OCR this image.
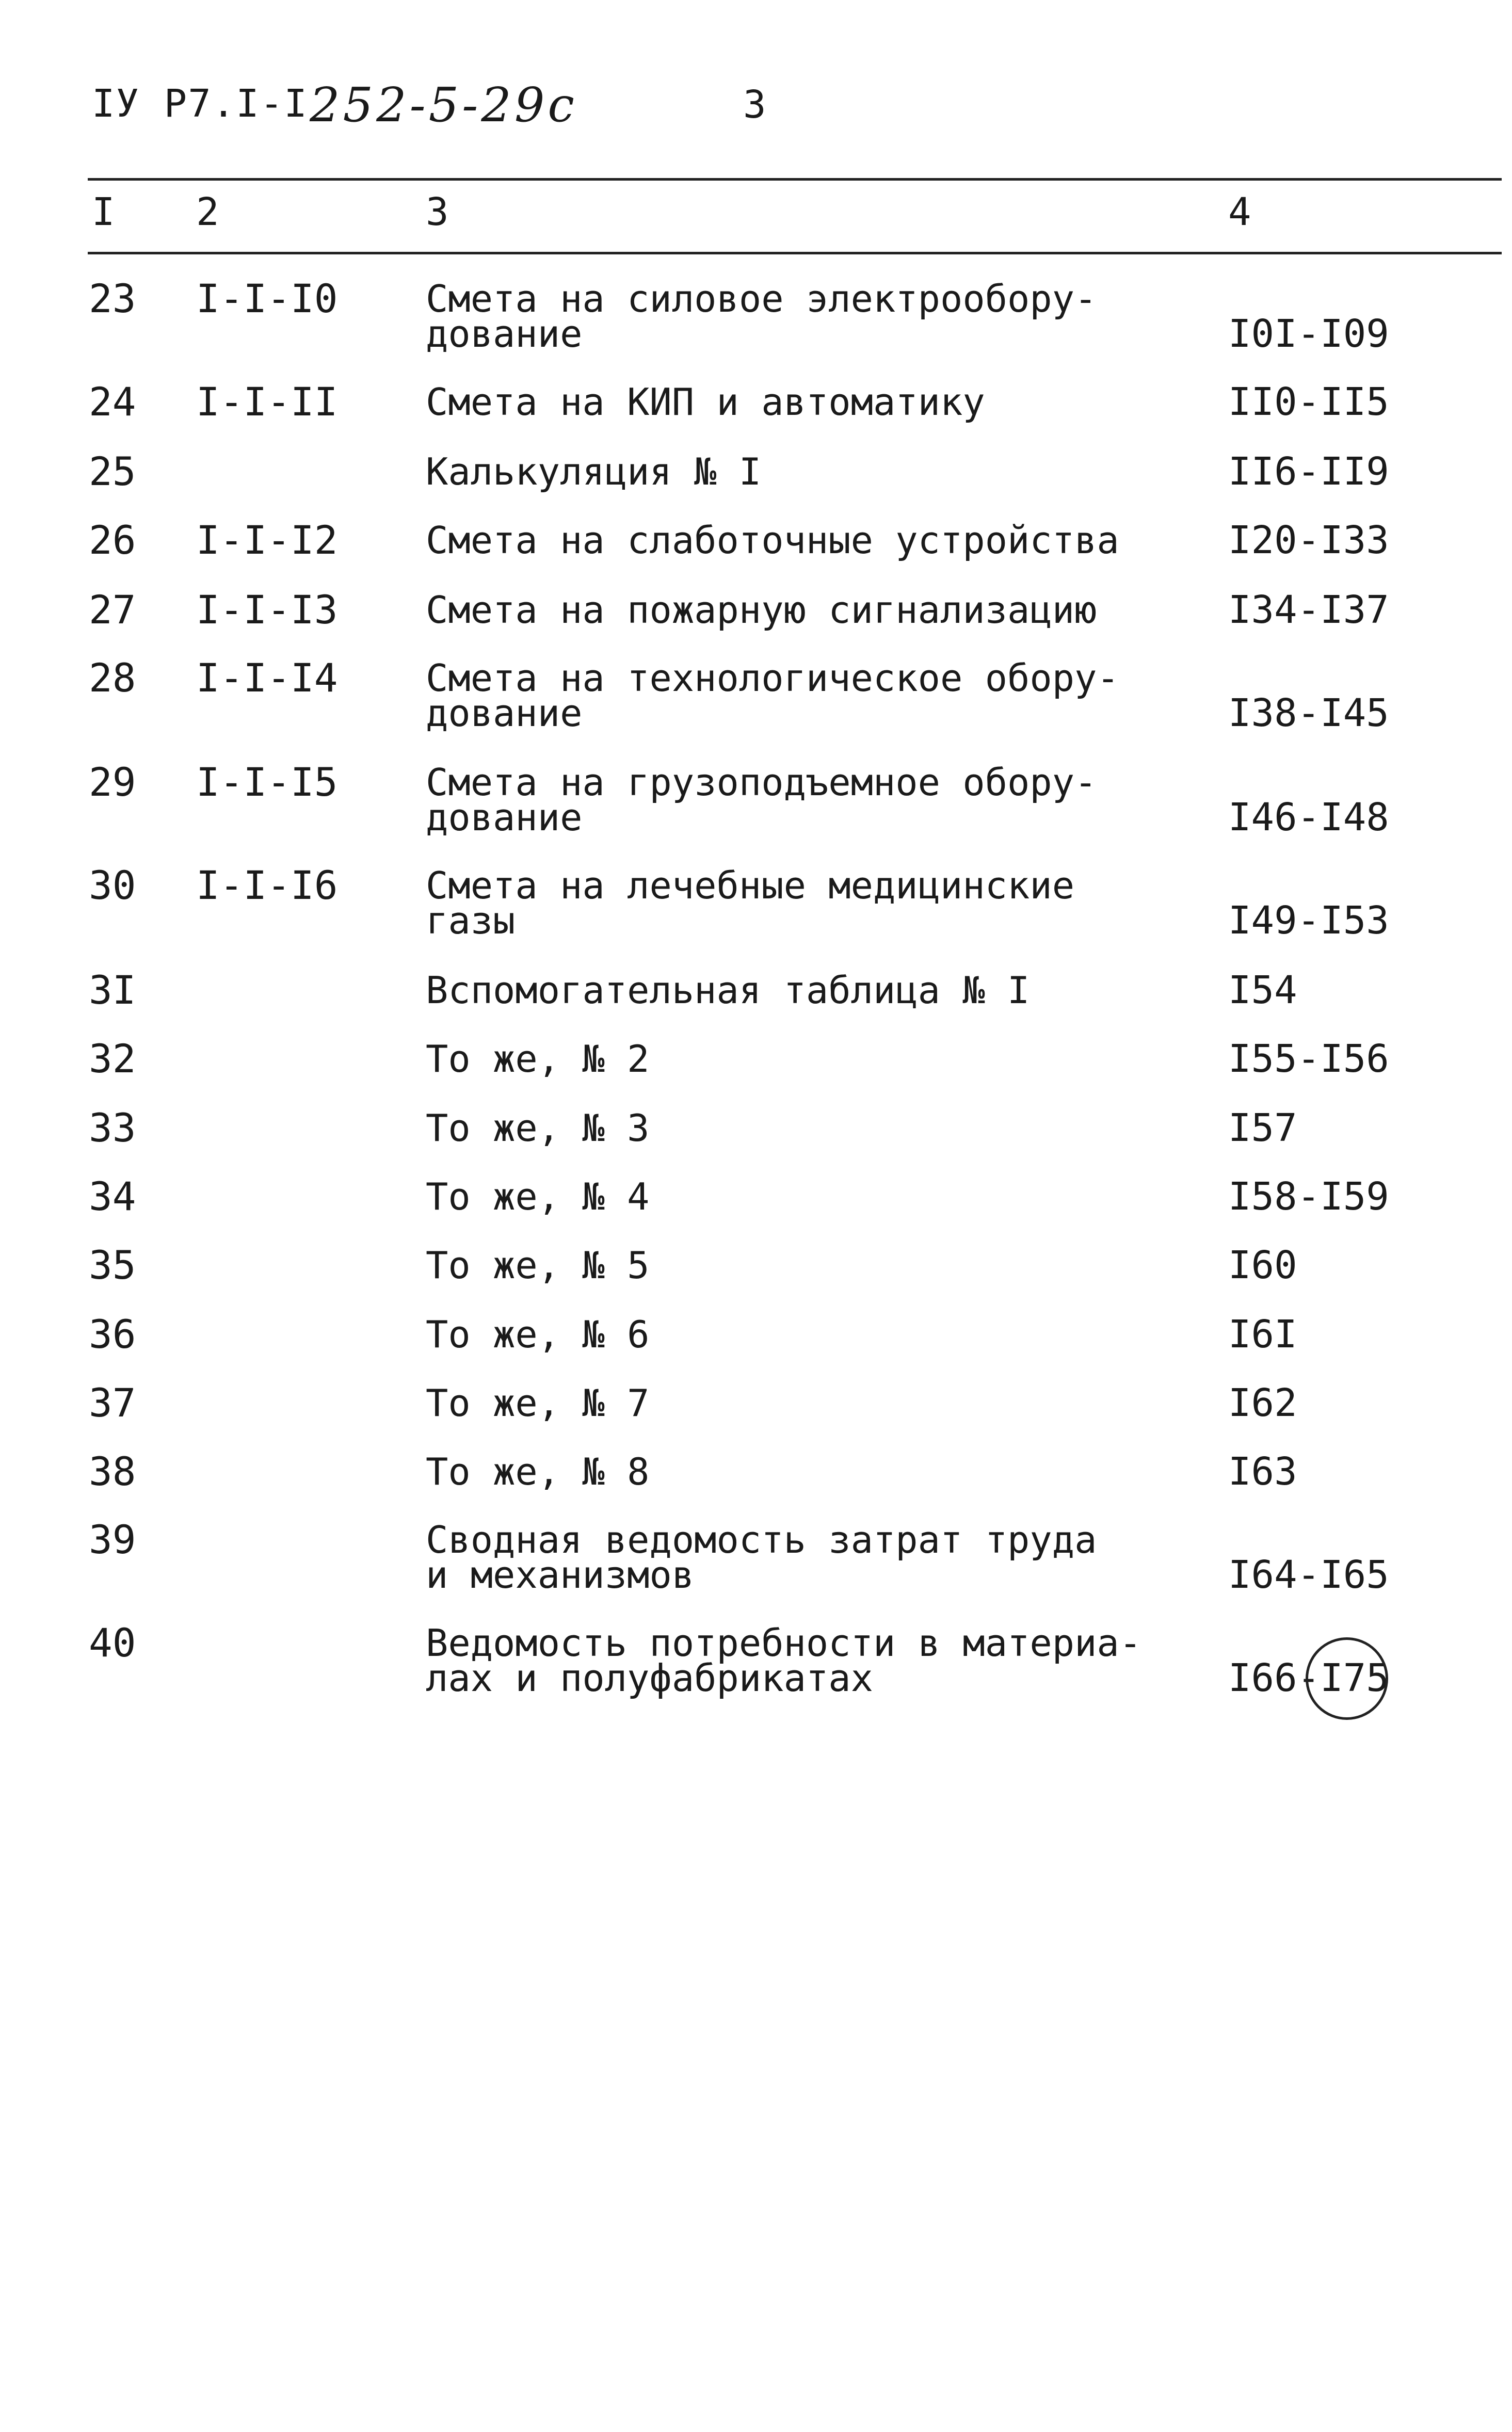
IУ P7.I-I 252-5-29c	3
I 2	3	4
23 I-I-I0 Смета на силовое электрообору-
дование	I0I-I09
24 I-I-II Смета на КИП и автоматику	II0-II5
25	Калькуляция № I	II6-II9
26 I-I-I2 Смета на слаботочные устройства	I20-I33
27 I-I-I3 Смета на пожарную сигнализацию	I34-I37
28 I-I-I4 Смета на технологическое обору-
дование	I38-I45
29 I-I-I5 Смета на грузоподъемное обору-
дование	I46-I48
30 I-I-I6 Смета на лечебные медицинские
газы	I49-I53
3I	Вспомогательная таблица № I	I54
32	То же, № 2	I55-I56
33	То же, № 3	I57
34	То же, № 4	I58-I59
35	То же, № 5	I60
36	То же, № 6	I6I
37	То же, № 7	I62
38	То же, № 8	I63
39	Сводная ведомость затрат труда
и механизмов	I64-I65
40	Ведомость потребности в материа-
лах и полуфабрикатах	I66-I75
